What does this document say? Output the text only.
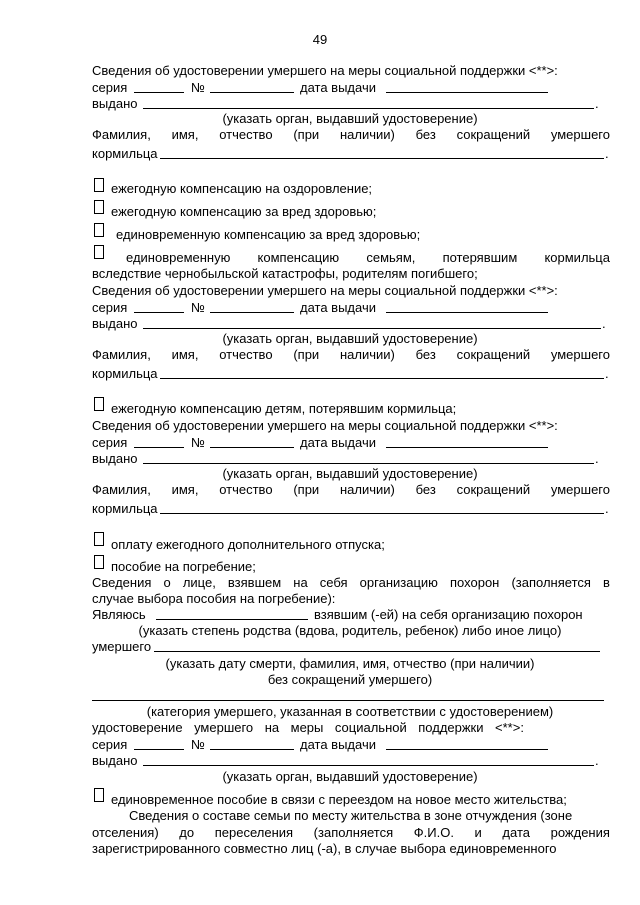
49
Сведения об удостоверении умершего на меры социальной поддержки <**>:
серия	№	дата выдачи
выдано	.
(указать орган, выдавший удостоверение)
Фамилия, имя, отчество (при наличии) без сокращений умершего
кормильца	.
ежегодную компенсацию на оздоровление;
ежегодную компенсацию за вред здоровью;
единовременную компенсацию за вред здоровью;
единовременную компенсацию семьям, потерявшим кормильца
вследствие чернобыльской катастрофы, родителям погибшего;
Сведения об удостоверении умершего на меры социальной поддержки <**>:
серия	№	дата выдачи
выдано	.
(указать орган, выдавший удостоверение)
Фамилия, имя, отчество (при наличии) без сокращений умершего
кормильца	.
ежегодную компенсацию детям, потерявшим кормильца;
Сведения об удостоверении умершего на меры социальной поддержки <**>:
серия	№	дата выдачи
выдано	.
(указать орган, выдавший удостоверение)
Фамилия, имя, отчество (при наличии) без сокращений умершего
кормильца	.
оплату ежегодного дополнительного отпуска;
пособие на погребение;
Сведения о лице, взявшем на себя организацию похорон (заполняется в
случае выбора пособия на погребение):
Являюсь	взявшим (-ей) на себя организацию похорон
(указать степень родства (вдова, родитель, ребенок) либо иное лицо)
умершего
(указать дату смерти, фамилия, имя, отчество (при наличии)
без сокращений умершего)
(категория умершего, указанная в соответствии с удостоверением)
удостоверение умершего на меры социальной поддержки <**>:
серия	№	дата выдачи
выдано	.
(указать орган, выдавший удостоверение)
единовременное пособие в связи с переездом на новое место жительства;
Сведения о составе семьи по месту жительства в зоне отчуждения (зоне
отселения) до переселения (заполняется Ф.И.О. и дата рождения
зарегистрированного совместно лиц (-а), в случае выбора единовременного
